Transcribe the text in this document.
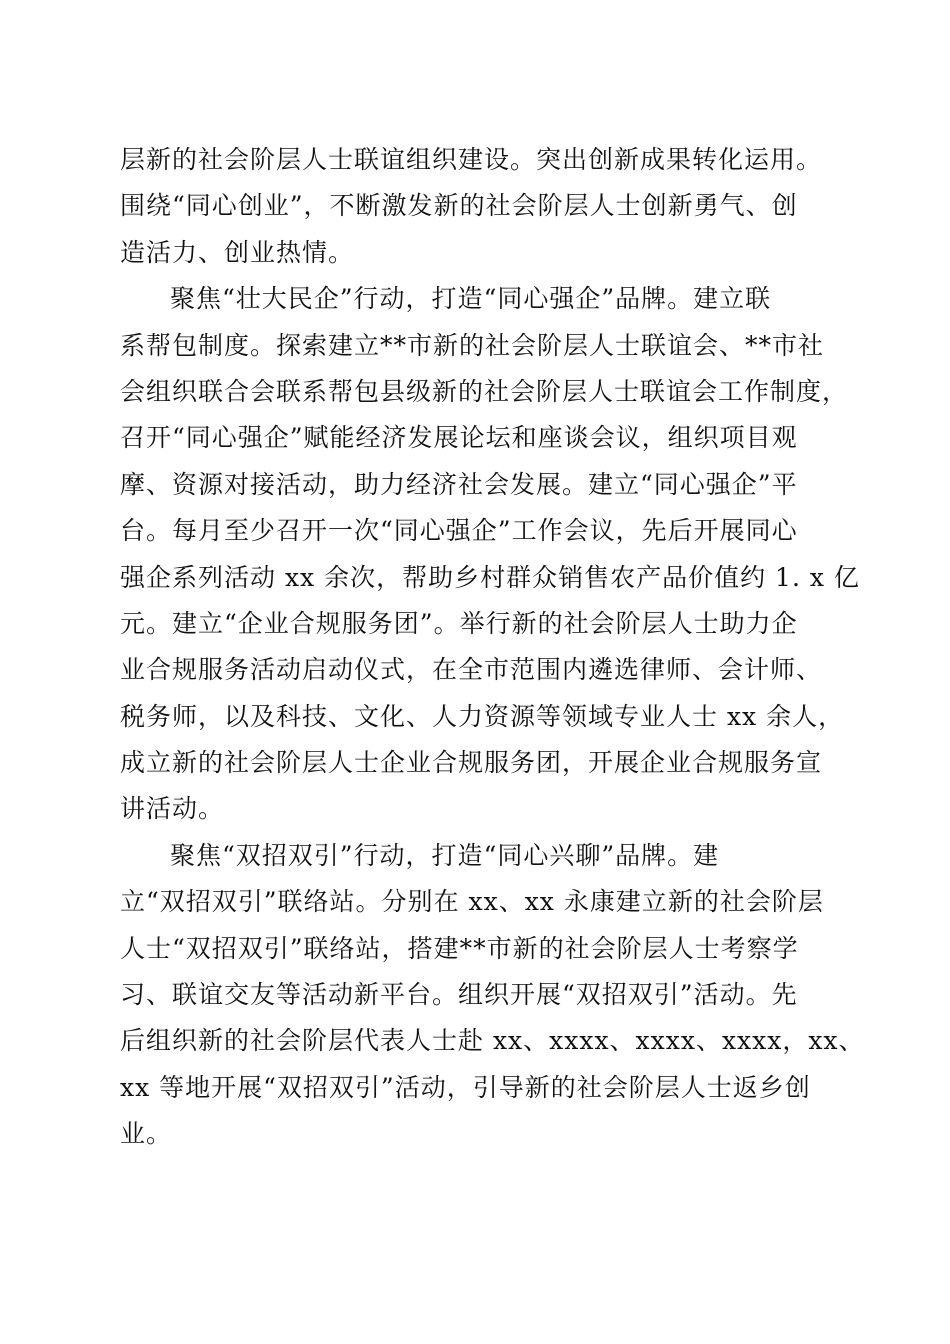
层新的社会阶层人士联谊组织建设。突出创新成果转化运用。
围绕“同心创业”，不断激发新的社会阶层人士创新勇气、创
造活力、创业热情。
聚焦“壮大民企”行动，打造“同心强企”品牌。建立联
系帮包制度。探索建立**市新的社会阶层人士联谊会、**市社
会组织联合会联系帮包县级新的社会阶层人士联谊会工作制度，
召开“同心强企”赋能经济发展论坛和座谈会议，组织项目观
摩、资源对接活动，助力经济社会发展。建立“同心强企”平
台。每月至少召开一次“同心强企”工作会议，先后开展同心
强企系列活动 xx 余次，帮助乡村群众销售农产品价值约 1. x 亿
元。建立“企业合规服务团”。举行新的社会阶层人士助力企
业合规服务活动启动仪式，在全市范围内遴选律师、会计师、
税务师，以及科技、文化、人力资源等领域专业人士 xx 余人，
成立新的社会阶层人士企业合规服务团，开展企业合规服务宣
讲活动。
聚焦“双招双引”行动，打造“同心兴聊”品牌。建
立“双招双引”联络站。分别在 xx、xx 永康建立新的社会阶层
人士“双招双引”联络站，搭建**市新的社会阶层人士考察学
习、联谊交友等活动新平台。组织开展“双招双引”活动。先
后组织新的社会阶层代表人士赴 xx、xxxx、xxxx、xxxx，xx、
xx 等地开展“双招双引”活动，引导新的社会阶层人士返乡创
业。
